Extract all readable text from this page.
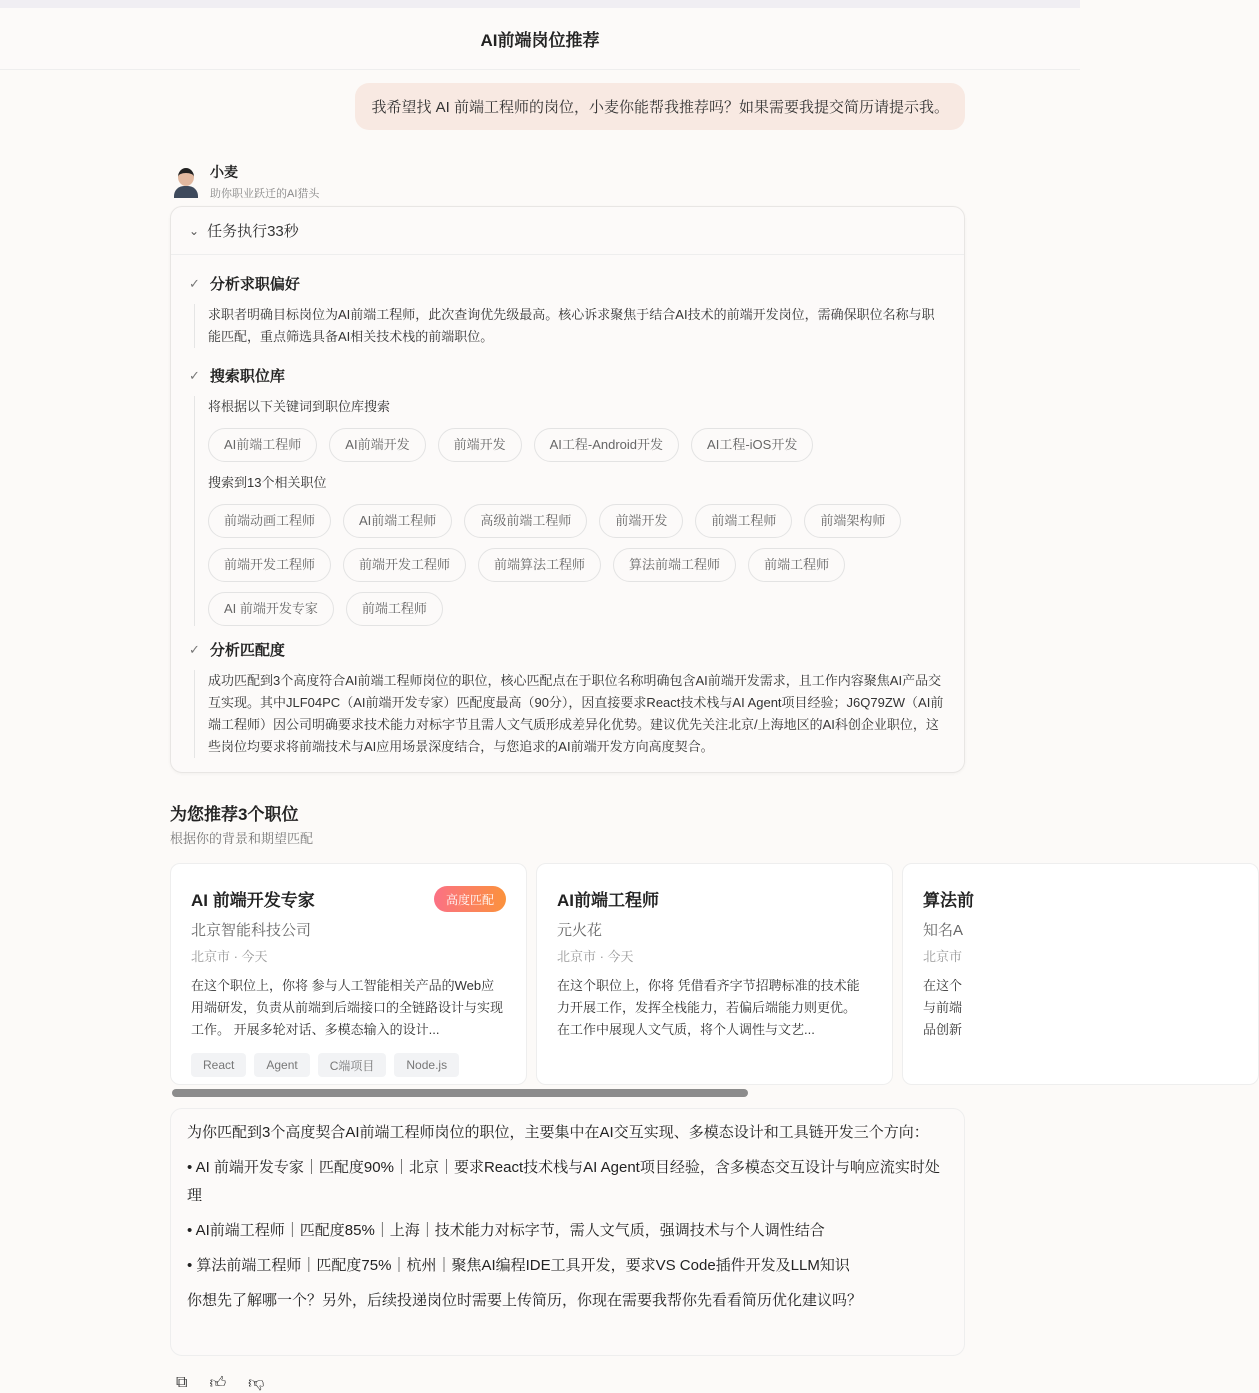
AI前端岗位推荐
我希望找 AI 前端工程师的岗位，小麦你能帮我推荐吗？如果需要我提交简历请提示我。
小麦
助你职业跃迁的AI猎头
⌄ 任务执行33秒
✓ 分析求职偏好
求职者明确目标岗位为AI前端工程师，此次查询优先级最高。核心诉求聚焦于结合AI技术的前端开发岗位，需确保职位名称与职能匹配，重点筛选具备AI相关技术栈的前端职位。
✓ 搜索职位库
将根据以下关键词到职位库搜索
AI前端工程师	AI前端开发	前端开发	AI工程-Android开发	AI工程-iOS开发
搜索到13个相关职位
前端动画工程师	AI前端工程师	高级前端工程师	前端开发	前端工程师	前端架构师
前端开发工程师	前端开发工程师	前端算法工程师	算法前端工程师	前端工程师
AI 前端开发专家	前端工程师
✓ 分析匹配度
成功匹配到3个高度符合AI前端工程师岗位的职位，核心匹配点在于职位名称明确包含AI前端开发需求，且工作内容聚焦AI产品交互实现。其中JLF04PC（AI前端开发专家）匹配度最高（90分），因直接要求React技术栈与AI Agent项目经验；J6Q79ZW（AI前端工程师）因公司明确要求技术能力对标字节且需人文气质形成差异化优势。建议优先关注北京/上海地区的AI科创企业职位，这些岗位均要求将前端技术与AI应用场景深度结合，与您追求的AI前端开发方向高度契合。
为您推荐3个职位
根据你的背景和期望匹配
AI 前端开发专家	高度匹配
北京智能科技公司
北京市 · 今天
在这个职位上，你将 参与人工智能相关产品的Web应用端研发，负责从前端到后端接口的全链路设计与实现工作。 开展多轮对话、多模态输入的设计...
React	Agent	C端项目	Node.js
AI前端工程师
元火花
北京市 · 今天
在这个职位上，你将 凭借看齐字节招聘标准的技术能力开展工作，发挥全栈能力，若偏后端能力则更优。 在工作中展现人文气质，将个人调性与文艺...
算法前
知名A
北京市
在这个 与前端 品创新

为你匹配到3个高度契合AI前端工程师岗位的职位，主要集中在AI交互实现、多模态设计和工具链开发三个方向：

• AI 前端开发专家｜匹配度90%｜北京｜要求React技术栈与AI Agent项目经验，含多模态交互设计与响应流实时处理

• AI前端工程师｜匹配度85%｜上海｜技术能力对标字节，需人文气质，强调技术与个人调性结合

• 算法前端工程师｜匹配度75%｜杭州｜聚焦AI编程IDE工具开发，要求VS Code插件开发及LLM知识

你想先了解哪一个？另外，后续投递岗位时需要上传简历，你现在需要我帮你先看看简历优化建议吗？

⧉ 👍︎ 👎︎
